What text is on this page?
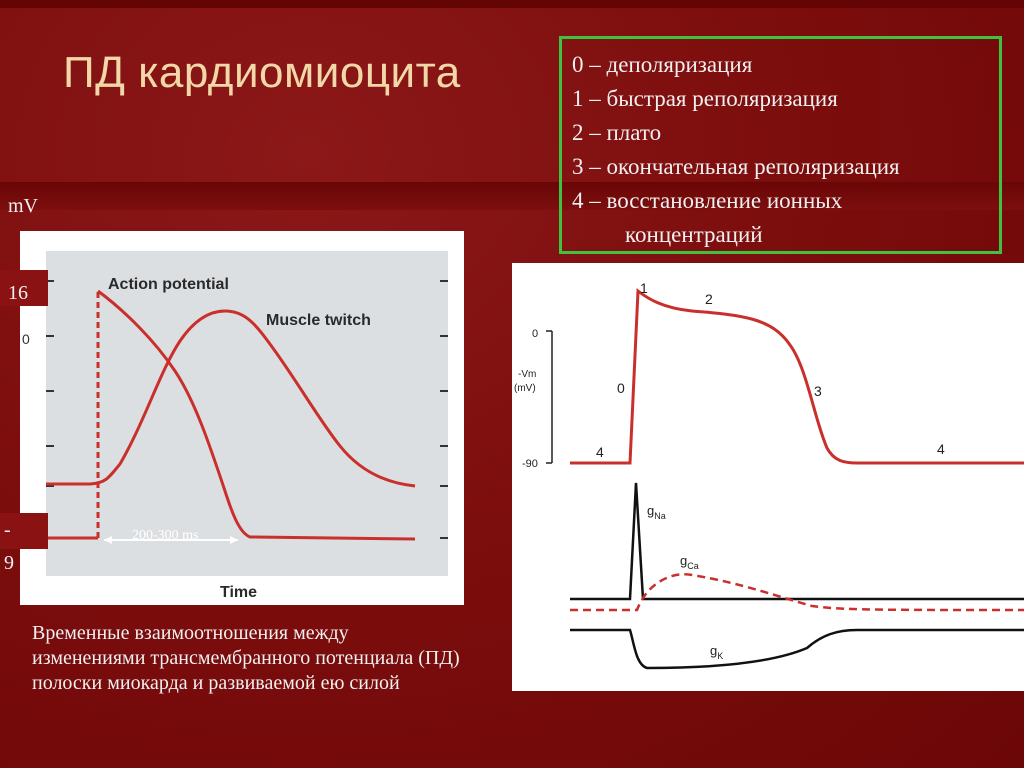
ПД кардиомиоцита	0 – деполяризация
1 – быстрая реполяризация
2 – плато
3 – окончательная реполяризация
4 – восстановление ионных
концентраций
200-300 ms
Action potential
Muscle twitch
Time
0
mV
16
-
9
0
-Vm
(mV)
-90
4
0
1
2
3
4
$g_{Na}$
$g_{Ca}$
$g_K$
Временные взаимоотношения между изменениями трансмембранного потенциала (ПД) полоски миокарда и развиваемой ею силой
